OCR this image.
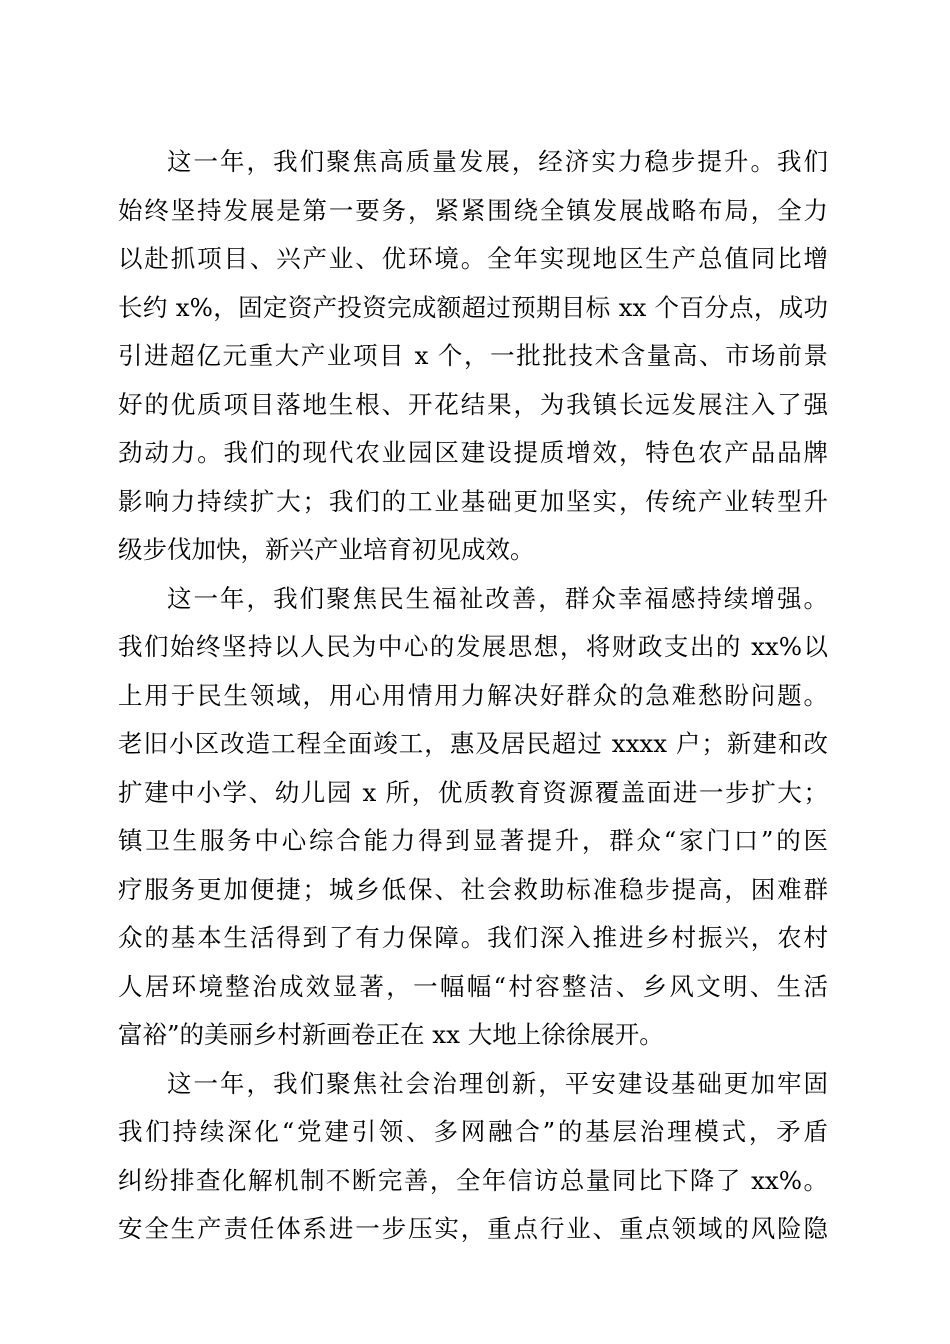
这一年，我们聚焦高质量发展，经济实力稳步提升。我们
始终坚持发展是第一要务，紧紧围绕全镇发展战略布局，全力
以赴抓项目、兴产业、优环境。全年实现地区生产总值同比增
长约 x%，固定资产投资完成额超过预期目标 xx 个百分点，成功
引进超亿元重大产业项目 x 个，一批批技术含量高、市场前景
好的优质项目落地生根、开花结果，为我镇长远发展注入了强
劲动力。我们的现代农业园区建设提质增效，特色农产品品牌
影响力持续扩大；我们的工业基础更加坚实，传统产业转型升
级步伐加快，新兴产业培育初见成效。
这一年，我们聚焦民生福祉改善，群众幸福感持续增强。
我们始终坚持以人民为中心的发展思想，将财政支出的 xx%以
上用于民生领域，用心用情用力解决好群众的急难愁盼问题。
老旧小区改造工程全面竣工，惠及居民超过 xxxx 户；新建和改
扩建中小学、幼儿园 x 所，优质教育资源覆盖面进一步扩大；
镇卫生服务中心综合能力得到显著提升，群众“家门口”的医
疗服务更加便捷；城乡低保、社会救助标准稳步提高，困难群
众的基本生活得到了有力保障。我们深入推进乡村振兴，农村
人居环境整治成效显著，一幅幅“村容整洁、乡风文明、生活
富裕”的美丽乡村新画卷正在 xx 大地上徐徐展开。
这一年，我们聚焦社会治理创新，平安建设基础更加牢固
我们持续深化“党建引领、多网融合”的基层治理模式，矛盾
纠纷排查化解机制不断完善，全年信访总量同比下降了 xx%。
安全生产责任体系进一步压实，重点行业、重点领域的风险隐
